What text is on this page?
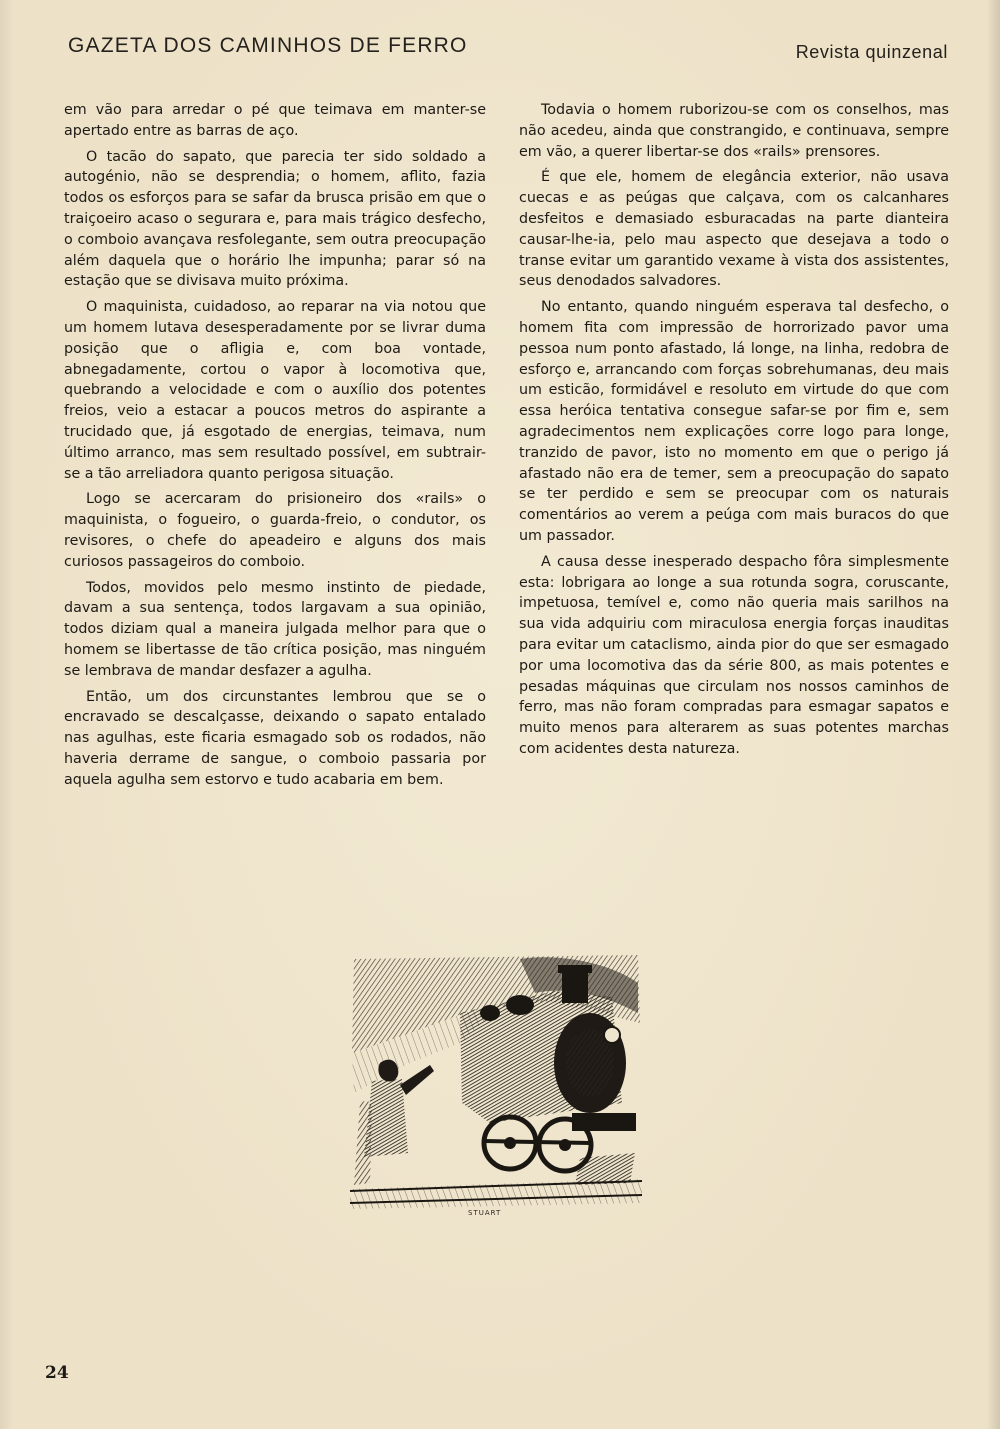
GAZETA DOS CAMINHOS DE FERRO	Revista quinzenal

em vão para arredar o pé que teimava em manter-se apertado entre as barras de aço.

O tacão do sapato, que parecia ter sido soldado a autogénio, não se desprendia; o homem, aflito, fazia todos os esforços para se safar da brusca prisão em que o traiçoeiro acaso o segurara e, para mais trágico desfecho, o comboio avançava resfolegante, sem outra preocupação além daquela que o horário lhe impunha; parar só na estação que se divisava muito próxima.

O maquinista, cuidadoso, ao reparar na via notou que um homem lutava desesperadamente por se livrar duma posição que o afligia e, com boa vontade, abnegadamente, cortou o vapor à locomotiva que, quebrando a velocidade e com o auxílio dos potentes freios, veio a estacar a poucos metros do aspirante a trucidado que, já esgotado de energias, teimava, num último arranco, mas sem resultado possível, em subtrair-se a tão arreliadora quanto perigosa situação.

Logo se acercaram do prisioneiro dos «rails» o maquinista, o fogueiro, o guarda-freio, o condutor, os revisores, o chefe do apeadeiro e alguns dos mais curiosos passageiros do comboio.

Todos, movidos pelo mesmo instinto de piedade, davam a sua sentença, todos largavam a sua opinião, todos diziam qual a maneira julgada melhor para que o homem se libertasse de tão crítica posição, mas ninguém se lembrava de mandar desfazer a agulha.

Então, um dos circunstantes lembrou que se o encravado se descalçasse, deixando o sapato entalado nas agulhas, este ficaria esmagado sob os rodados, não haveria derrame de sangue, o comboio passaria por aquela agulha sem estorvo e tudo acabaria em bem.

Todavia o homem ruborizou-se com os conselhos, mas não acedeu, ainda que constrangido, e continuava, sempre em vão, a querer libertar-se dos «rails» prensores.

É que ele, homem de elegância exterior, não usava cuecas e as peúgas que calçava, com os calcanhares desfeitos e demasiado esburacadas na parte dianteira causar-lhe-ia, pelo mau aspecto que desejava a todo o transe evitar um garantido vexame à vista dos assistentes, seus denodados salvadores.

No entanto, quando ninguém esperava tal desfecho, o homem fita com impressão de horrorizado pavor uma pessoa num ponto afastado, lá longe, na linha, redobra de esforço e, arrancando com forças sobrehumanas, deu mais um esticão, formidável e resoluto em virtude do que com essa heróica tentativa consegue safar-se por fim e, sem agradecimentos nem explicações corre logo para longe, tranzido de pavor, isto no momento em que o perigo já afastado não era de temer, sem a preocupação do sapato se ter perdido e sem se preocupar com os naturais comentários ao verem a peúga com mais buracos do que um passador.

A causa desse inesperado despacho fôra simplesmente esta: lobrigara ao longe a sua rotunda sogra, coruscante, impetuosa, temível e, como não queria mais sarilhos na sua vida adquiriu com miraculosa energia forças inauditas para evitar um cataclismo, ainda pior do que ser esmagado por uma locomotiva das da série 800, as mais potentes e pesadas máquinas que circulam nos nossos caminhos de ferro, mas não foram compradas para esmagar sapatos e muito menos para alterarem as suas potentes marchas com acidentes desta natureza.

STUART
24
